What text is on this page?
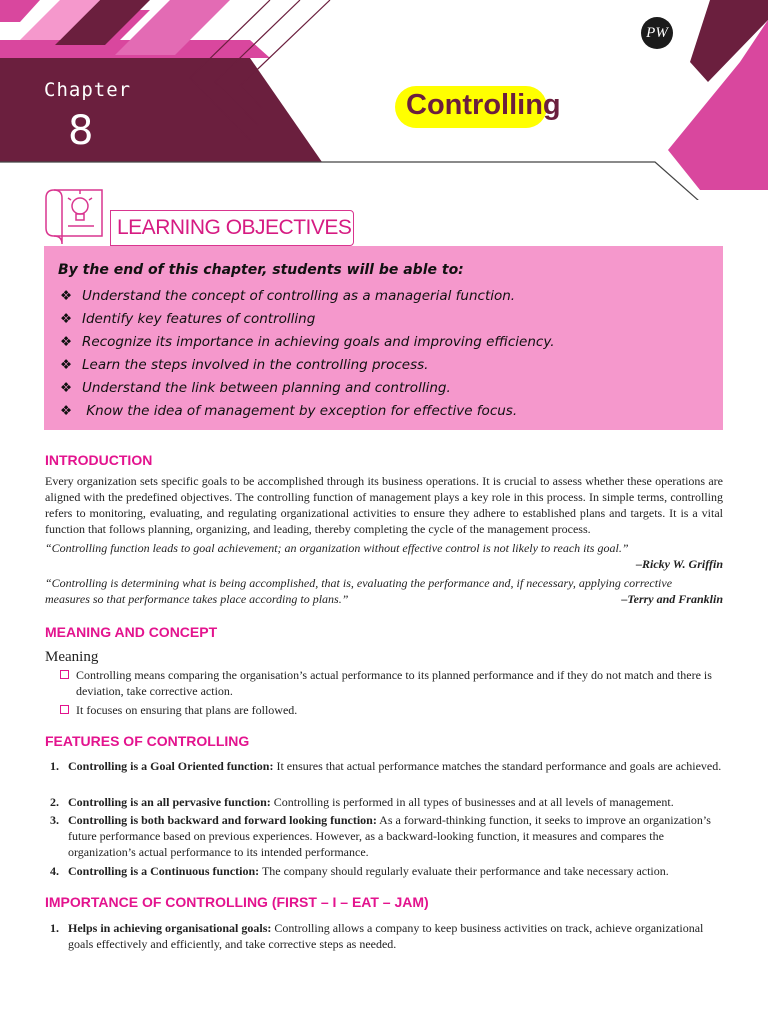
Chapter
8
Controlling
PW
LEARNING OBJECTIVES
By the end of this chapter, students will be able to:
❖ Understand the concept of controlling as a managerial function.
❖ Identify key features of controlling
❖ Recognize its importance in achieving goals and improving efficiency.
❖ Learn the steps involved in the controlling process.
❖ Understand the link between planning and controlling.
❖ Know the idea of management by exception for effective focus.
INTRODUCTION
Every organization sets specific goals to be accomplished through its business operations. It is crucial to assess whether these operations are aligned with the predefined objectives. The controlling function of management plays a key role in this process. In simple terms, controlling refers to monitoring, evaluating, and regulating organizational activities to ensure they adhere to established plans and targets. It is a vital function that follows planning, organizing, and leading, thereby completing the cycle of the management process.
“Controlling function leads to goal achievement; an organization without effective control is not likely to reach its goal.”
–Ricky W. Griffin
“Controlling is determining what is being accomplished, that is, evaluating the performance and, if necessary, applying corrective
measures so that performance takes place according to plans.”	–Terry and Franklin
MEANING AND CONCEPT
Meaning
Controlling means comparing the organisation’s actual performance to its planned performance and if they do not match and there is deviation, take corrective action.
It focuses on ensuring that plans are followed.
FEATURES OF CONTROLLING
1. Controlling is a Goal Oriented function: It ensures that actual performance matches the standard performance and goals are achieved.
2. Controlling is an all pervasive function: Controlling is performed in all types of businesses and at all levels of management.
3. Controlling is both backward and forward looking function: As a forward-thinking function, it seeks to improve an organization’s future performance based on previous experiences. However, as a backward-looking function, it measures and compares the organization’s actual performance to its intended performance.
4. Controlling is a Continuous function: The company should regularly evaluate their performance and take necessary action.
IMPORTANCE OF CONTROLLING (FIRST – I – EAT – JAM)
1. Helps in achieving organisational goals: Controlling allows a company to keep business activities on track, achieve organizational goals effectively and efficiently, and take corrective steps as needed.
